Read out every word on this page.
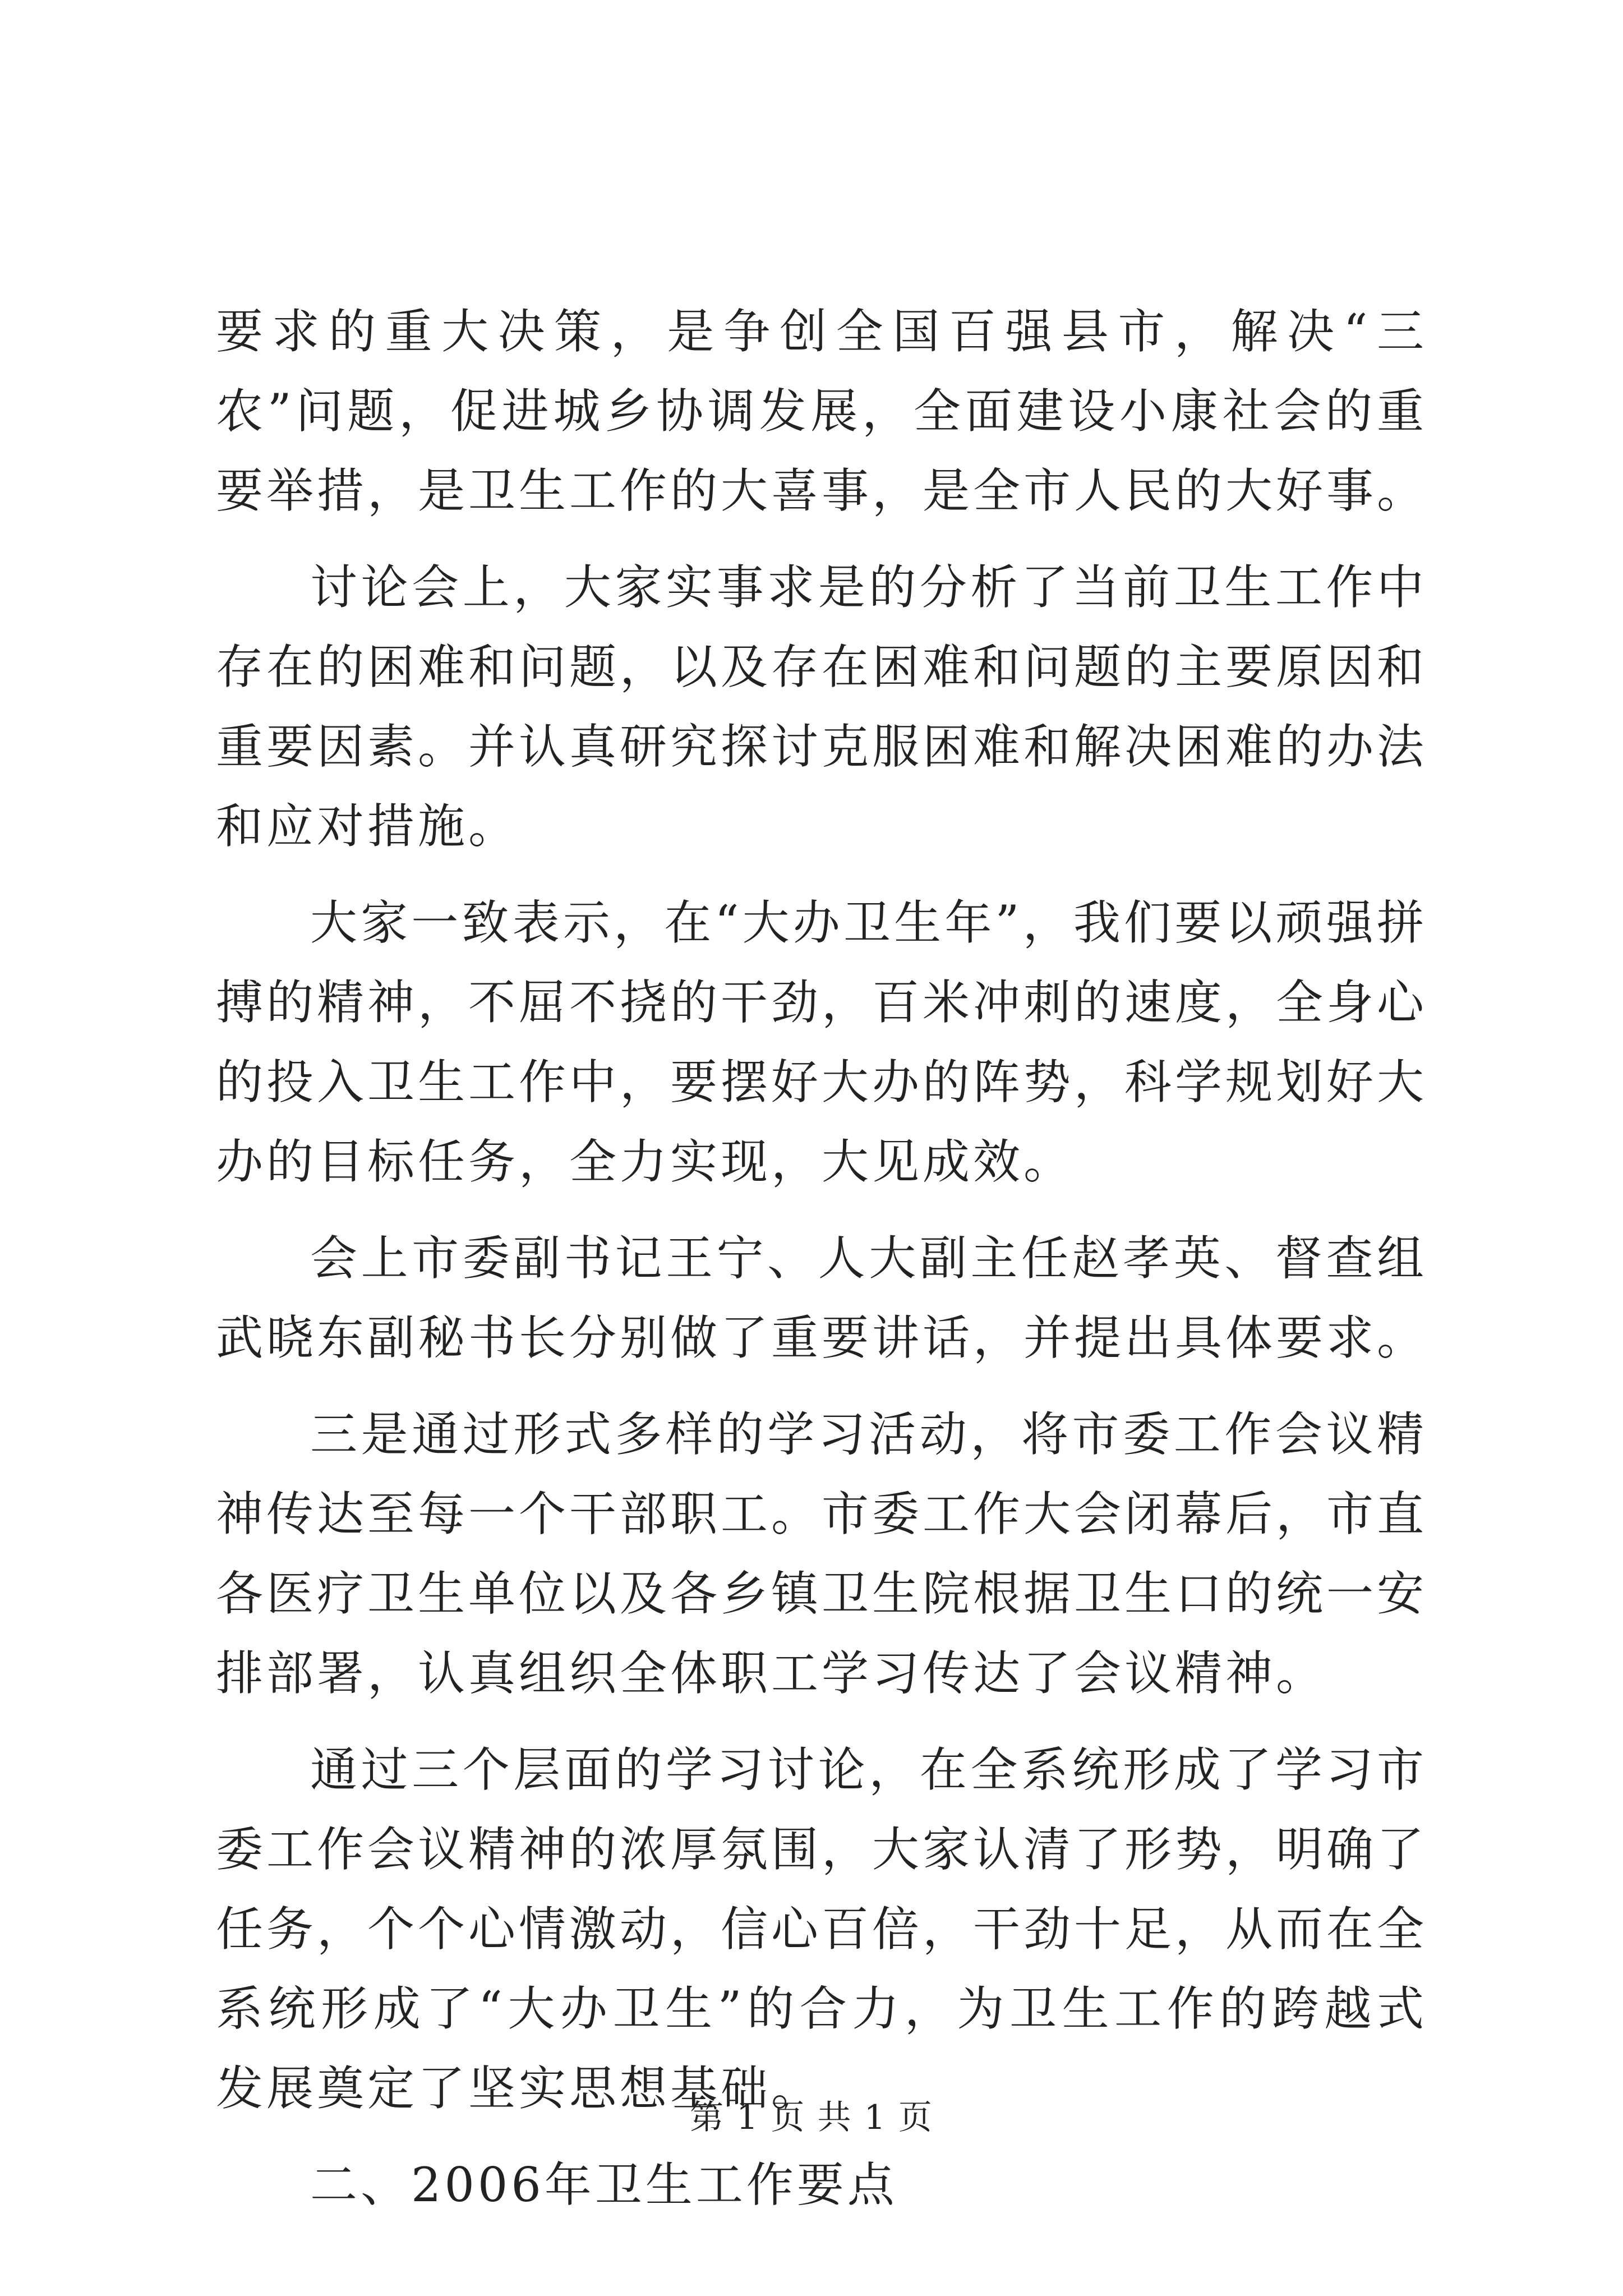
要求的重大决策，是争创全国百强县市，解决“三农”问题，促进城乡协调发展，全面建设小康社会的重要举措，是卫生工作的大喜事，是全市人民的大好事。

讨论会上，大家实事求是的分析了当前卫生工作中存在的困难和问题，以及存在困难和问题的主要原因和重要因素。并认真研究探讨克服困难和解决困难的办法和应对措施。

大家一致表示，在“大办卫生年”，我们要以顽强拼搏的精神，不屈不挠的干劲，百米冲刺的速度，全身心的投入卫生工作中，要摆好大办的阵势，科学规划好大办的目标任务，全力实现，大见成效。

会上市委副书记王宁、人大副主任赵孝英、督查组武晓东副秘书长分别做了重要讲话，并提出具体要求。

三是通过形式多样的学习活动，将市委工作会议精神传达至每一个干部职工。市委工作大会闭幕后，市直各医疗卫生单位以及各乡镇卫生院根据卫生口的统一安排部署，认真组织全体职工学习传达了会议精神。

通过三个层面的学习讨论，在全系统形成了学习市委工作会议精神的浓厚氛围，大家认清了形势，明确了任务，个个心情激动，信心百倍，干劲十足，从而在全系统形成了“大办卫生”的合力，为卫生工作的跨越式发展奠定了坚实思想基础。

二、2006年卫生工作要点

第 1 页 共 1 页
